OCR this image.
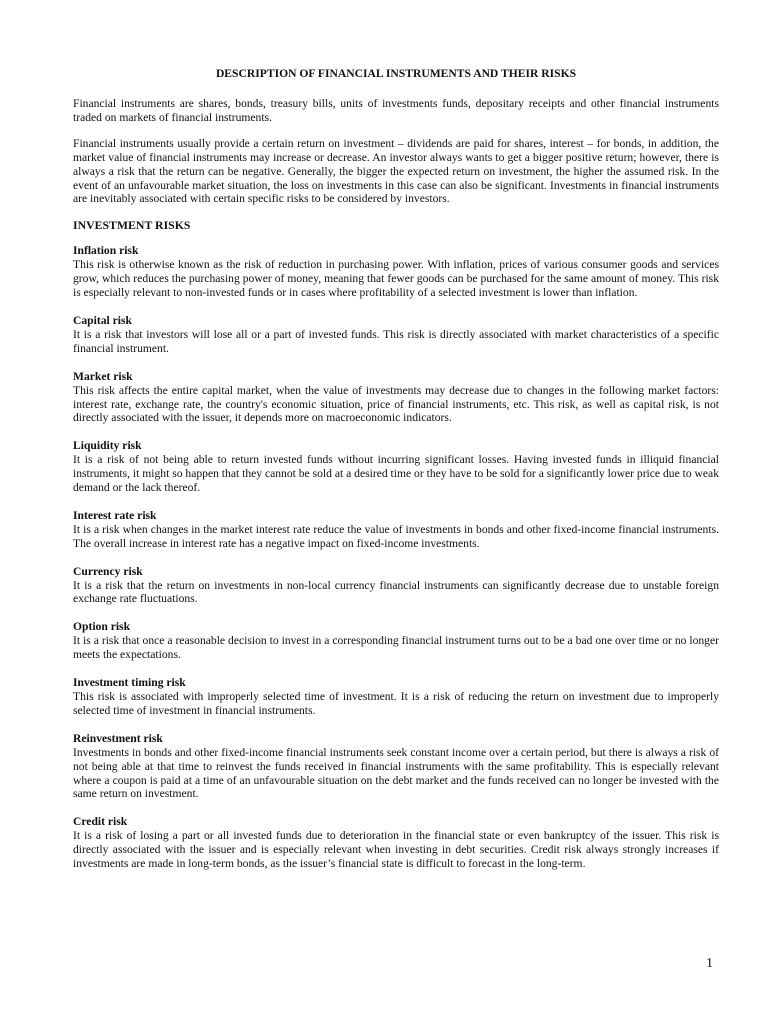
DESCRIPTION OF FINANCIAL INSTRUMENTS AND THEIR RISKS

Financial instruments are shares, bonds, treasury bills, units of investments funds, depositary receipts and other financial instruments traded on markets of financial instruments.

Financial instruments usually provide a certain return on investment – dividends are paid for shares, interest – for bonds, in addition, the market value of financial instruments may increase or decrease. An investor always wants to get a bigger positive return; however, there is always a risk that the return can be negative. Generally, the bigger the expected return on investment, the higher the assumed risk. In the event of an unfavourable market situation, the loss on investments in this case can also be significant. Investments in financial instruments are inevitably associated with certain specific risks to be considered by investors.

INVESTMENT RISKS
Inflation risk

This risk is otherwise known as the risk of reduction in purchasing power. With inflation, prices of various consumer goods and services grow, which reduces the purchasing power of money, meaning that fewer goods can be purchased for the same amount of money. This risk is especially relevant to non-invested funds or in cases where profitability of a selected investment is lower than inflation.

Capital risk

It is a risk that investors will lose all or a part of invested funds. This risk is directly associated with market characteristics of a specific financial instrument.

Market risk

This risk affects the entire capital market, when the value of investments may decrease due to changes in the following market factors: interest rate, exchange rate, the country's economic situation, price of financial instruments, etc. This risk, as well as capital risk, is not directly associated with the issuer, it depends more on macroeconomic indicators.

Liquidity risk

It is a risk of not being able to return invested funds without incurring significant losses. Having invested funds in illiquid financial instruments, it might so happen that they cannot be sold at a desired time or they have to be sold for a significantly lower price due to weak demand or the lack thereof.

Interest rate risk

It is a risk when changes in the market interest rate reduce the value of investments in bonds and other fixed-income financial instruments. The overall increase in interest rate has a negative impact on fixed-income investments.

Currency risk

It is a risk that the return on investments in non-local currency financial instruments can significantly decrease due to unstable foreign exchange rate fluctuations.

Option risk

It is a risk that once a reasonable decision to invest in a corresponding financial instrument turns out to be a bad one over time or no longer meets the expectations.

Investment timing risk

This risk is associated with improperly selected time of investment. It is a risk of reducing the return on investment due to improperly selected time of investment in financial instruments.

Reinvestment risk

Investments in bonds and other fixed-income financial instruments seek constant income over a certain period, but there is always a risk of not being able at that time to reinvest the funds received in financial instruments with the same profitability. This is especially relevant where a coupon is paid at a time of an unfavourable situation on the debt market and the funds received can no longer be invested with the same return on investment.

Credit risk

It is a risk of losing a part or all invested funds due to deterioration in the financial state or even bankruptcy of the issuer. This risk is directly associated with the issuer and is especially relevant when investing in debt securities. Credit risk always strongly increases if investments are made in long-term bonds, as the issuer’s financial state is difficult to forecast in the long-term.

1
